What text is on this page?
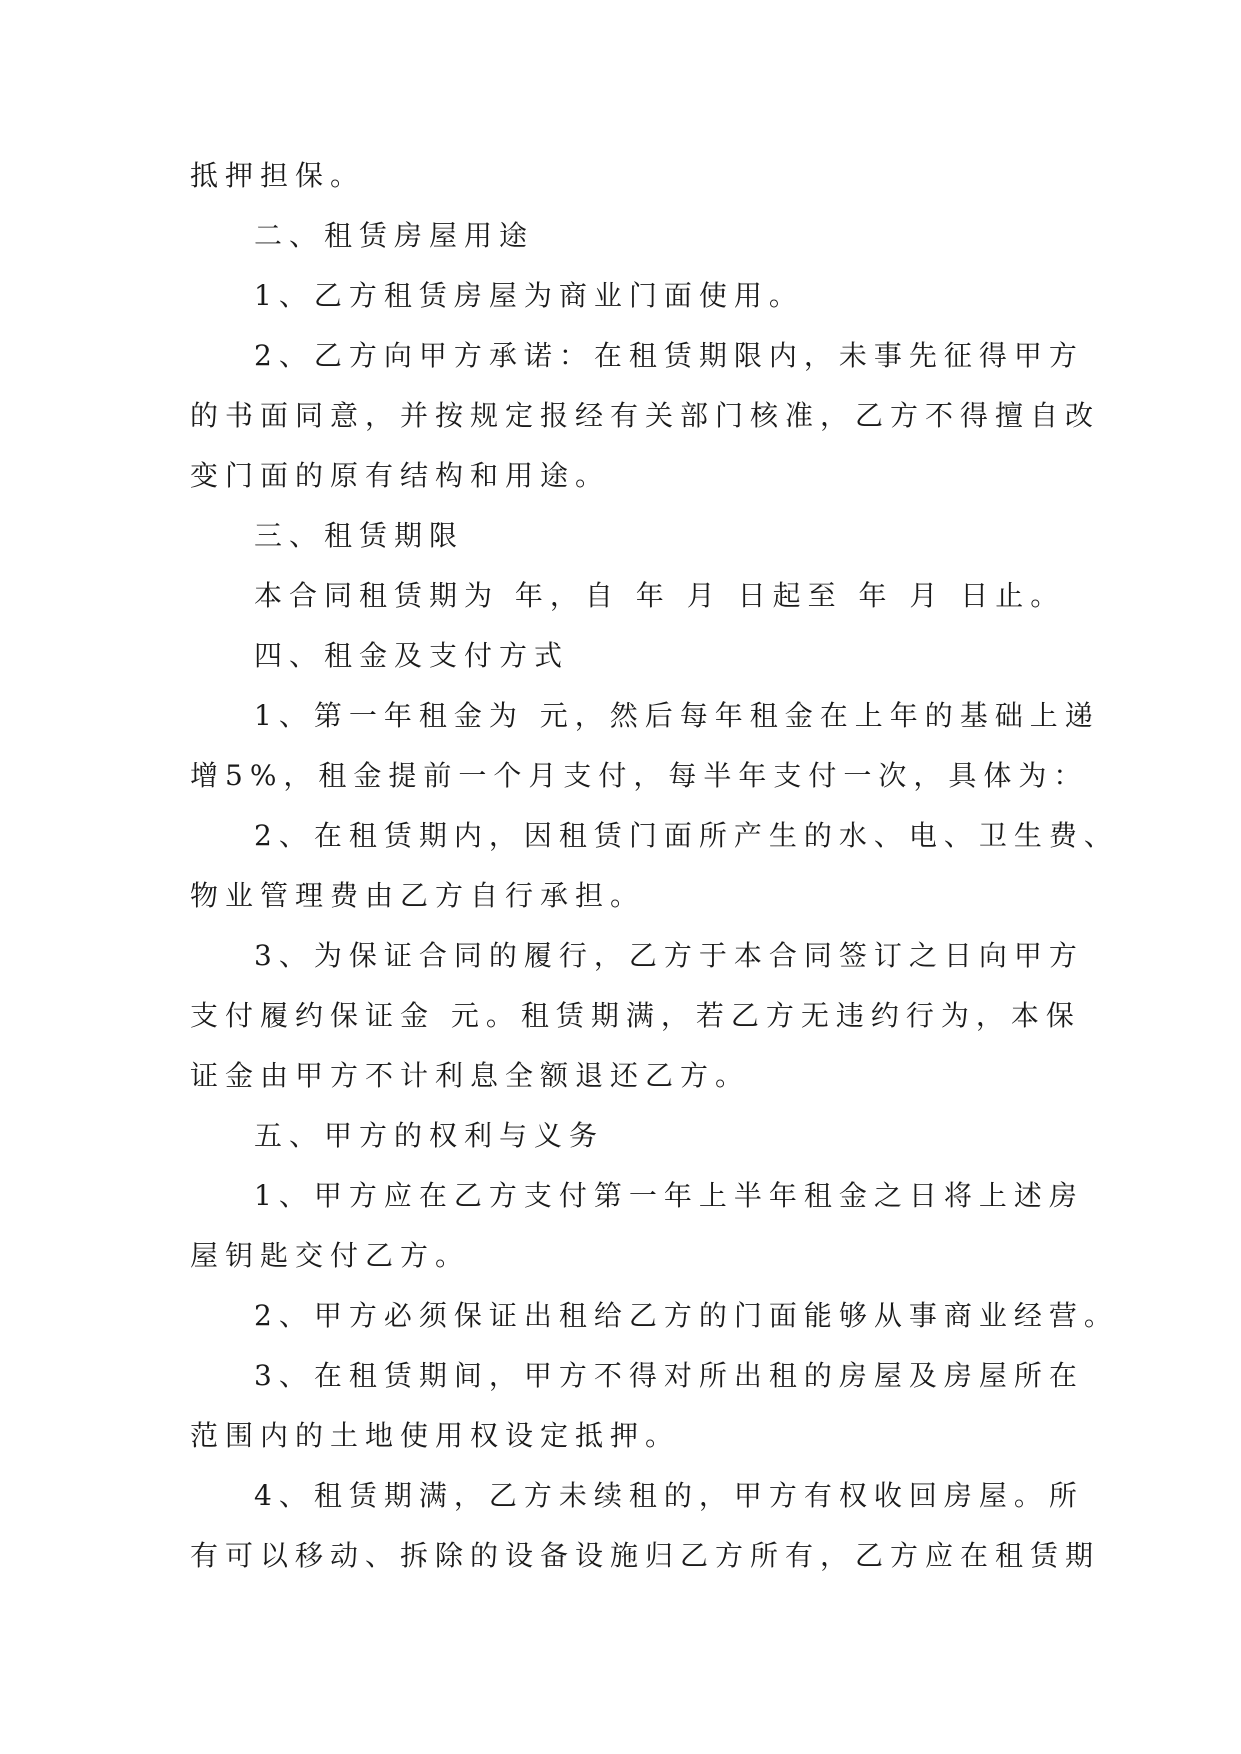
抵押担保。
二、租赁房屋用途
1、乙方租赁房屋为商业门面使用。
2、乙方向甲方承诺：在租赁期限内，未事先征得甲方
的书面同意，并按规定报经有关部门核准，乙方不得擅自改
变门面的原有结构和用途。
三、租赁期限
本合同租赁期为 年，自 年 月 日起至 年 月 日止。
四、租金及支付方式
1、第一年租金为 元，然后每年租金在上年的基础上递
增5%，租金提前一个月支付，每半年支付一次，具体为：
2、在租赁期内，因租赁门面所产生的水、电、卫生费、
物业管理费由乙方自行承担。
3、为保证合同的履行，乙方于本合同签订之日向甲方
支付履约保证金 元。租赁期满，若乙方无违约行为，本保
证金由甲方不计利息全额退还乙方。
五、甲方的权利与义务
1、甲方应在乙方支付第一年上半年租金之日将上述房
屋钥匙交付乙方。
2、甲方必须保证出租给乙方的门面能够从事商业经营。
3、在租赁期间，甲方不得对所出租的房屋及房屋所在
范围内的土地使用权设定抵押。
4、租赁期满，乙方未续租的，甲方有权收回房屋。所
有可以移动、拆除的设备设施归乙方所有，乙方应在租赁期
